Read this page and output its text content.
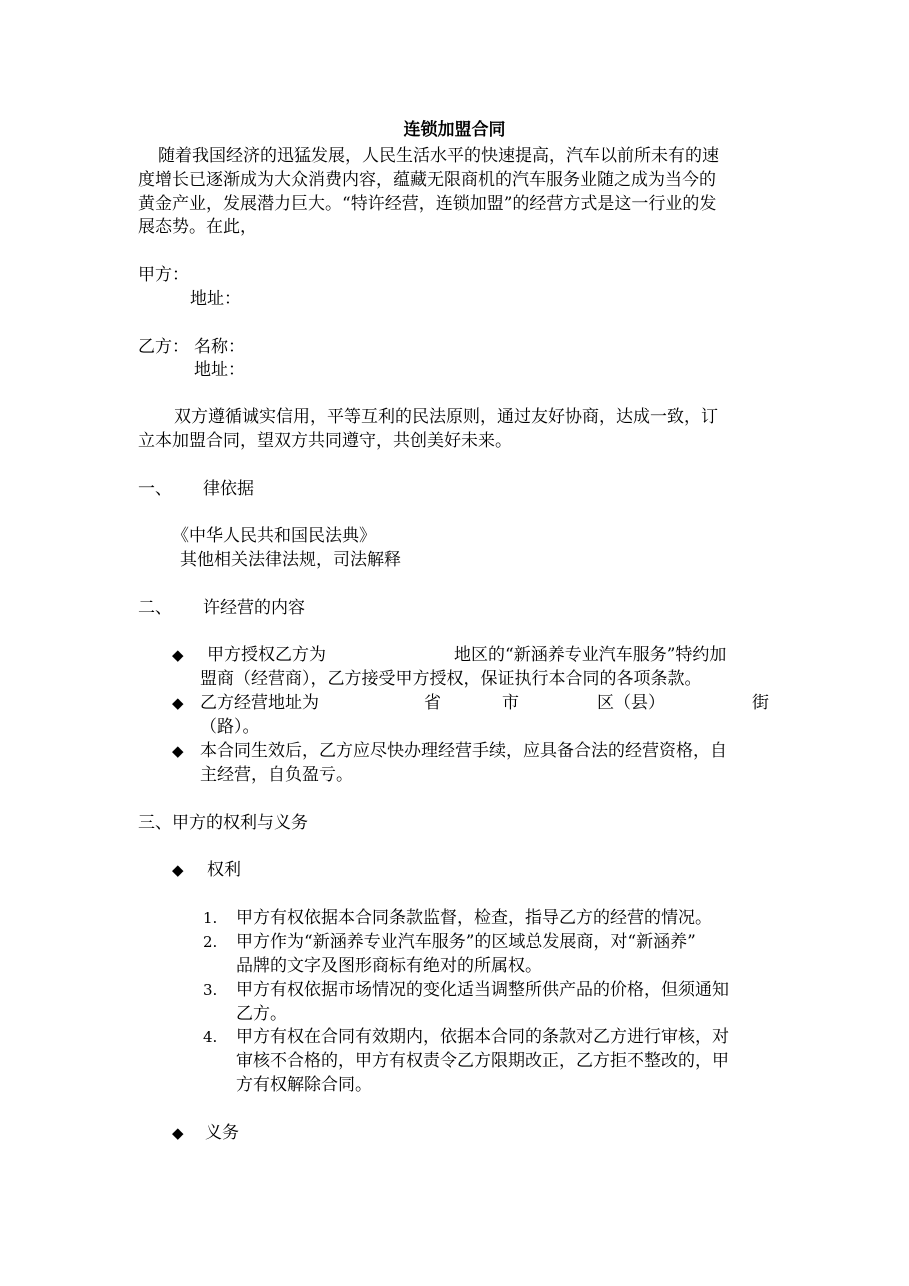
连锁加盟合同
随着我国经济的迅猛发展，人民生活水平的快速提高，汽车以前所未有的速
度增长已逐渐成为大众消费内容，蕴藏无限商机的汽车服务业随之成为当今的
黄金产业，发展潜力巨大。“特许经营，连锁加盟”的经营方式是这一行业的发
展态势。在此，
甲方：
地址：
乙方： 名称：
地址：
双方遵循诚实信用，平等互利的民法原则，通过友好协商，达成一致，订
立本加盟合同，望双方共同遵守，共创美好未来。
一、 律依据
《中华人民共和国民法典》
其他相关法律法规，司法解释
二、 许经营的内容
◆ 甲方授权乙方为	地区的“新涵养专业汽车服务”特约加
盟商（经营商），乙方接受甲方授权，保证执行本合同的各项条款。
◆ 乙方经营地址为	省	市	区（县）	街
（路）。
◆ 本合同生效后，乙方应尽快办理经营手续，应具备合法的经营资格，自
主经营，自负盈亏。
三、甲方的权利与义务
◆ 权利
1. 甲方有权依据本合同条款监督，检查，指导乙方的经营的情况。
2. 甲方作为“新涵养专业汽车服务”的区域总发展商，对“新涵养”
品牌的文字及图形商标有绝对的所属权。
3. 甲方有权依据市场情况的变化适当调整所供产品的价格，但须通知
乙方。
4. 甲方有权在合同有效期内，依据本合同的条款对乙方进行审核，对
审核不合格的，甲方有权责令乙方限期改正，乙方拒不整改的，甲
方有权解除合同。
◆ 义务
